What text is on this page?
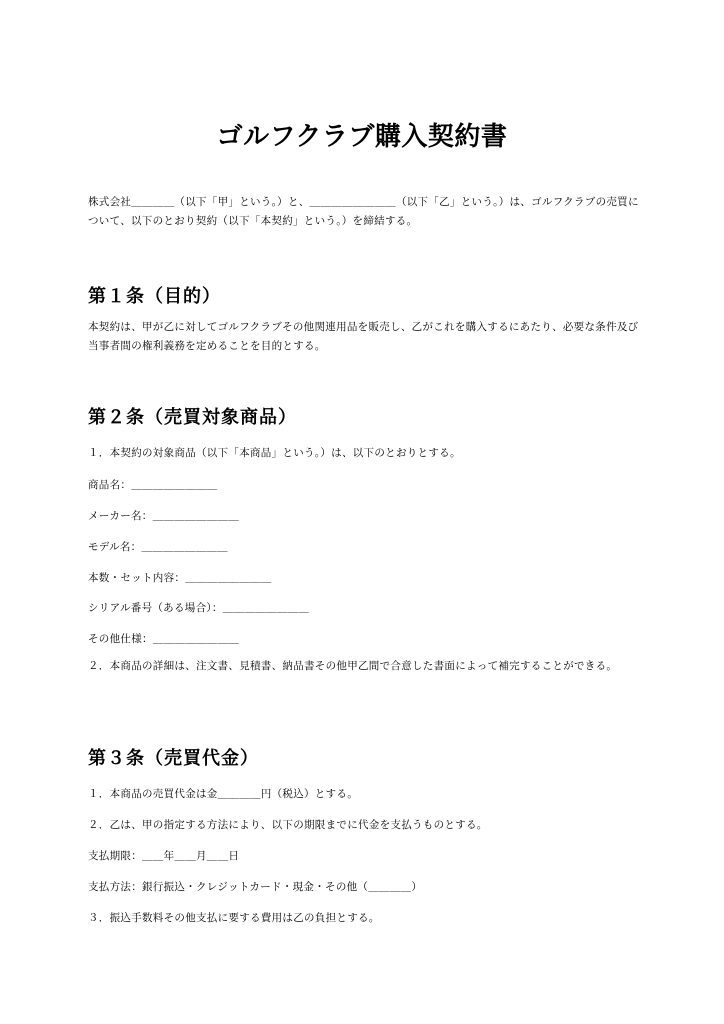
ゴルフクラブ購入契約書
株式会社＿＿＿＿（以下「甲」という。）と、＿＿＿＿＿＿＿＿（以下「乙」という。）は、ゴルフクラブの売買について、以下のとおり契約（以下「本契約」という。）を締結する。
第１条（目的）
本契約は、甲が乙に対してゴルフクラブその他関連用品を販売し、乙がこれを購入するにあたり、必要な条件及び当事者間の権利義務を定めることを目的とする。
第２条（売買対象商品）
１．本契約の対象商品（以下「本商品」という。）は、以下のとおりとする。
商品名：＿＿＿＿＿＿＿＿
メーカー名：＿＿＿＿＿＿＿＿
モデル名：＿＿＿＿＿＿＿＿
本数・セット内容：＿＿＿＿＿＿＿＿
シリアル番号（ある場合）：＿＿＿＿＿＿＿＿
その他仕様：＿＿＿＿＿＿＿＿
２．本商品の詳細は、注文書、見積書、納品書その他甲乙間で合意した書面によって補完することができる。
第３条（売買代金）
１．本商品の売買代金は金＿＿＿＿円（税込）とする。
２．乙は、甲の指定する方法により、以下の期限までに代金を支払うものとする。
支払期限：＿＿年＿＿月＿＿日
支払方法：銀行振込・クレジットカード・現金・その他（＿＿＿＿）
３．振込手数料その他支払に要する費用は乙の負担とする。
